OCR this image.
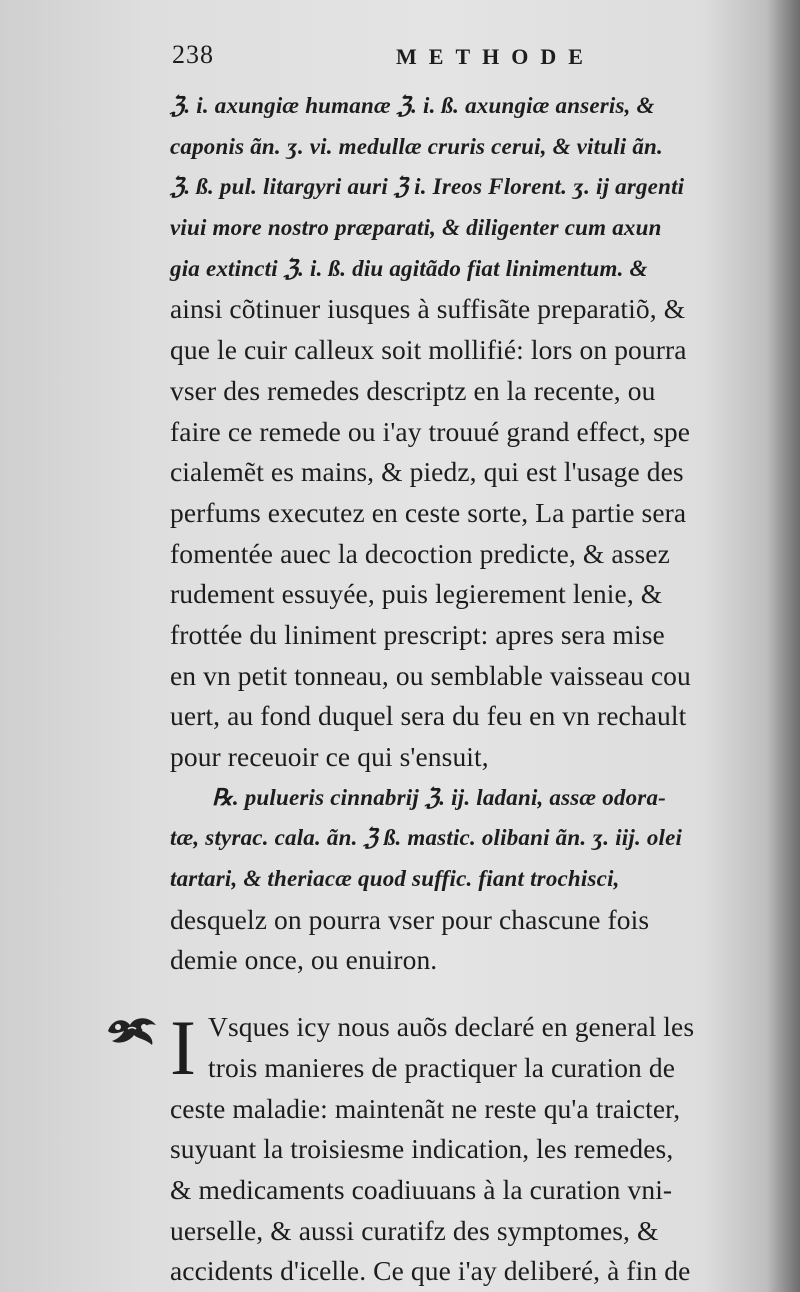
238	METHODE
ℨ. i. axungiæ humanæ ℨ. i. ß. axungiæ anseris, &
caponis ãn. ʒ. vi. medullæ cruris cerui, & vituli ãn.
ℨ. ß. pul. litargyri auri ℨ i. Ireos Florent. ʒ. ij argenti
viui more nostro præparati, & diligenter cum axun
gia extincti ℨ. i. ß. diu agitãdo fiat linimentum. &
ainsi cõtinuer iusques à suffisãte preparatiõ, &
que le cuir calleux soit mollifié: lors on pourra
vser des remedes descriptz en la recente, ou
faire ce remede ou i'ay trouué grand effect, spe
cialemẽt es mains, & piedz, qui est l'usage des
perfums executez en ceste sorte, La partie sera
fomentée auec la decoction predicte, & assez
rudement essuyée, puis legierement lenie, &
frottée du liniment prescript: apres sera mise
en vn petit tonneau, ou semblable vaisseau cou
uert, au fond duquel sera du feu en vn rechault
pour receuoir ce qui s'ensuit,
℞. pulueris cinnabrij ℨ. ij. ladani, assæ odora-
tæ, styrac. cala. ãn. ℨ ß. mastic. olibani ãn. ʒ. iij. olei
tartari, & theriacæ quod suffic. fiant trochisci,
desquelz on pourra vser pour chascune fois
demie once, ou enuiron.
I Vsques icy nous auõs declaré en general les
trois manieres de practiquer la curation de
ceste maladie: maintenãt ne reste qu'a traicter,
suyuant la troisiesme indication, les remedes,
& medicaments coadiuuans à la curation vni-
uerselle, & aussi curatifz des symptomes, &
accidents d'icelle. Ce que i'ay deliberé, à fin de
